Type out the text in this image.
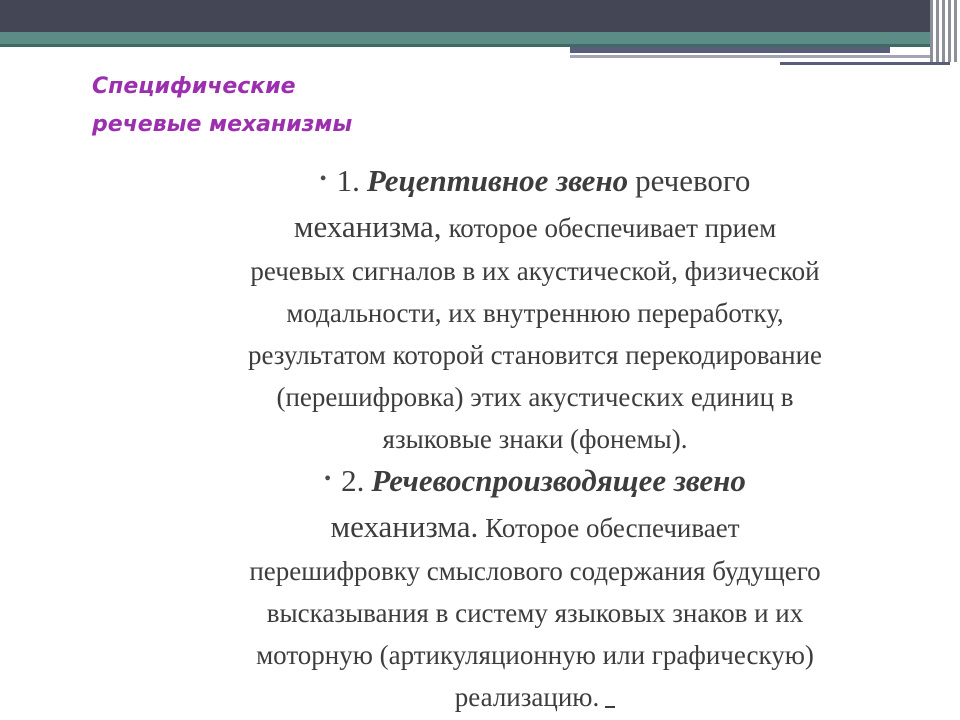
Специфические
речевые механизмы
• 1. Рецептивное звено речевого
механизма, которое обеспечивает прием
речевых сигналов в их акустической, физической
модальности, их внутреннюю переработку,
результатом которой становится перекодирование
(перешифровка) этих акустических единиц в
языковые знаки (фонемы).
• 2. Речевоспроизводящее звено
механизма. Которое обеспечивает
перешифровку смыслового содержания будущего
высказывания в систему языковых знаков и их
моторную (артикуляционную или графическую)
реализацию.
